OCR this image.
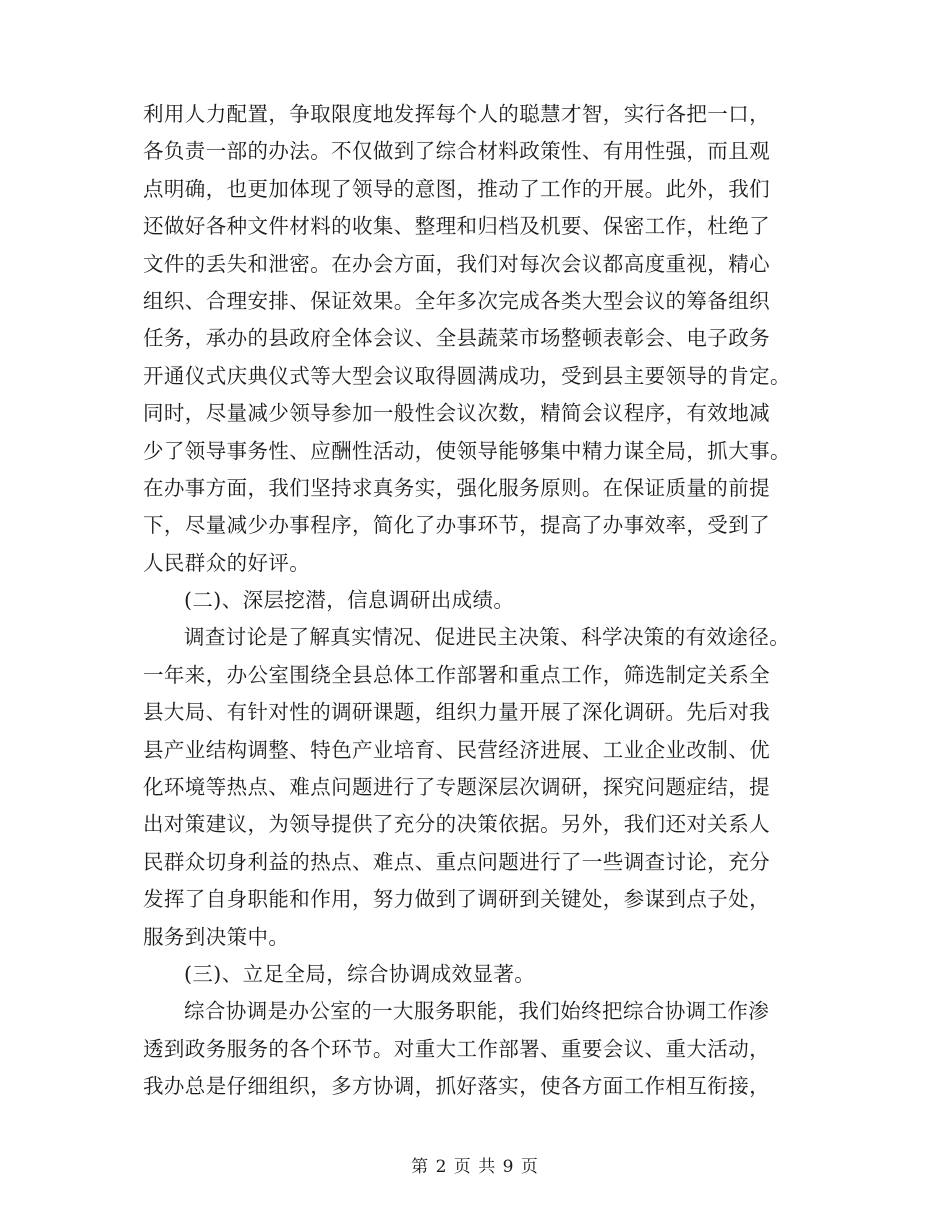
利用人力配置，争取限度地发挥每个人的聪慧才智，实行各把一口，
各负责一部的办法。不仅做到了综合材料政策性、有用性强，而且观
点明确，也更加体现了领导的意图，推动了工作的开展。此外，我们
还做好各种文件材料的收集、整理和归档及机要、保密工作，杜绝了
文件的丢失和泄密。在办会方面，我们对每次会议都高度重视，精心
组织、合理安排、保证效果。全年多次完成各类大型会议的筹备组织
任务，承办的县政府全体会议、全县蔬菜市场整顿表彰会、电子政务
开通仪式庆典仪式等大型会议取得圆满成功，受到县主要领导的肯定。
同时，尽量减少领导参加一般性会议次数，精简会议程序，有效地减
少了领导事务性、应酬性活动，使领导能够集中精力谋全局，抓大事。
在办事方面，我们坚持求真务实，强化服务原则。在保证质量的前提
下，尽量减少办事程序，简化了办事环节，提高了办事效率，受到了
人民群众的好评。
(二)、深层挖潜，信息调研出成绩。
调查讨论是了解真实情况、促进民主决策、科学决策的有效途径。
一年来，办公室围绕全县总体工作部署和重点工作，筛选制定关系全
县大局、有针对性的调研课题，组织力量开展了深化调研。先后对我
县产业结构调整、特色产业培育、民营经济进展、工业企业改制、优
化环境等热点、难点问题进行了专题深层次调研，探究问题症结，提
出对策建议，为领导提供了充分的决策依据。另外，我们还对关系人
民群众切身利益的热点、难点、重点问题进行了一些调查讨论，充分
发挥了自身职能和作用，努力做到了调研到关键处，参谋到点子处，
服务到决策中。
(三)、立足全局，综合协调成效显著。
综合协调是办公室的一大服务职能，我们始终把综合协调工作渗
透到政务服务的各个环节。对重大工作部署、重要会议、重大活动，
我办总是仔细组织，多方协调，抓好落实，使各方面工作相互衔接，
第 2 页 共 9 页
